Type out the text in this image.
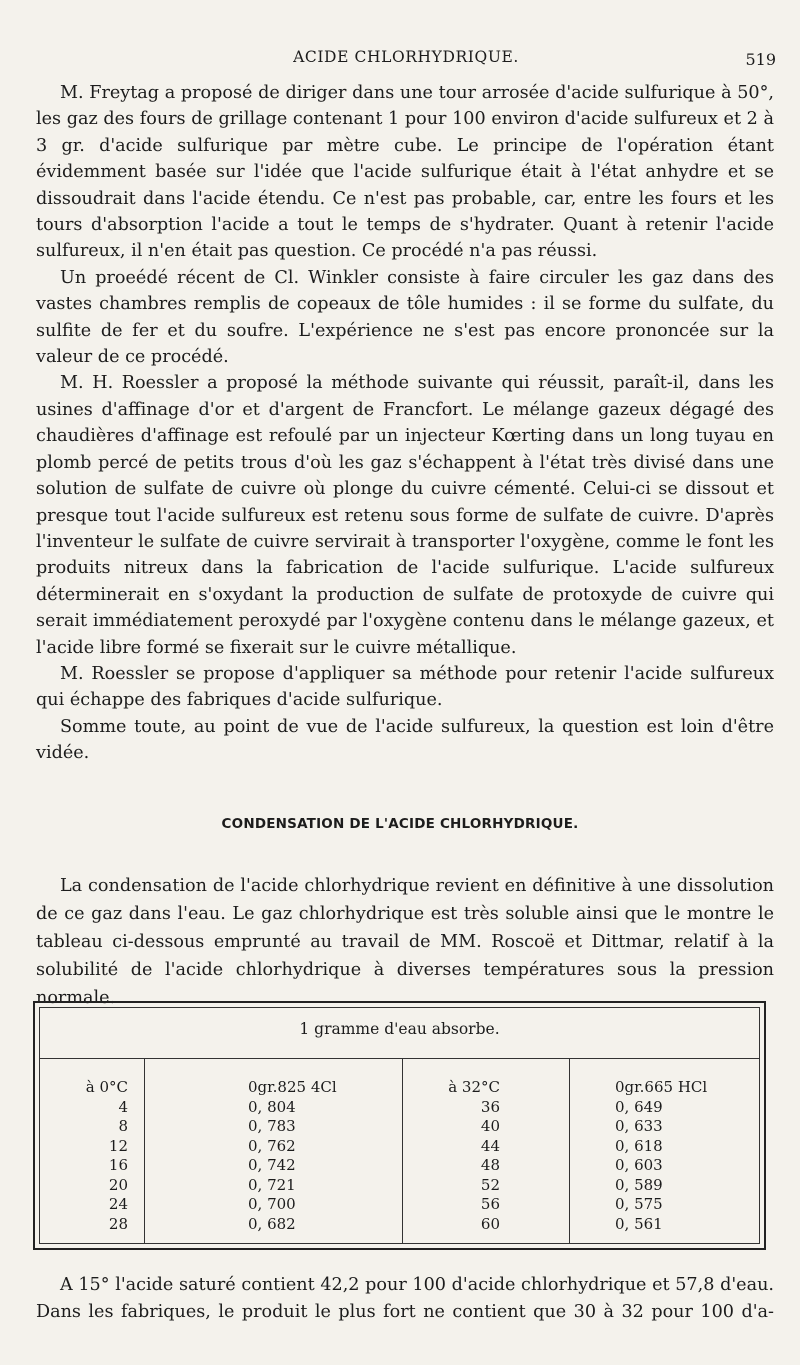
ACIDE CHLORHYDRIQUE.	519

M. Freytag a proposé de diriger dans une tour arrosée d'acide sulfurique à 50°, les gaz des fours de grillage contenant 1 pour 100 environ d'acide sulfureux et 2 à 3 gr. d'acide sulfurique par mètre cube. Le principe de l'opération étant évidemment basée sur l'idée que l'acide sulfurique était à l'état anhydre et se dissoudrait dans l'acide étendu. Ce n'est pas probable, car, entre les fours et les tours d'absorption l'acide a tout le temps de s'hydrater. Quant à retenir l'acide sulfureux, il n'en était pas question. Ce procédé n'a pas réussi.

Un proeédé récent de Cl. Winkler consiste à faire circuler les gaz dans des vastes chambres remplis de copeaux de tôle humides : il se forme du sulfate, du sulfite de fer et du soufre. L'expérience ne s'est pas encore prononcée sur la valeur de ce procédé.

M. H. Roessler a proposé la méthode suivante qui réussit, paraît-il, dans les usines d'affinage d'or et d'argent de Francfort. Le mélange gazeux dégagé des chaudières d'affinage est refoulé par un injecteur Kœrting dans un long tuyau en plomb percé de petits trous d'où les gaz s'échappent à l'état très divisé dans une solution de sulfate de cuivre où plonge du cuivre cémenté. Celui-ci se dissout et presque tout l'acide sulfureux est retenu sous forme de sulfate de cuivre. D'après l'inventeur le sulfate de cuivre servirait à transporter l'oxygène, comme le font les produits nitreux dans la fabrication de l'acide sulfurique. L'acide sulfureux déterminerait en s'oxydant la production de sulfate de protoxyde de cuivre qui serait immédiatement peroxydé par l'oxygène contenu dans le mélange gazeux, et l'acide libre formé se fixerait sur le cuivre métallique.

M. Roessler se propose d'appliquer sa méthode pour retenir l'acide sulfureux qui échappe des fabriques d'acide sulfurique.

Somme toute, au point de vue de l'acide sulfureux, la question est loin d'être vidée.

CONDENSATION DE L'ACIDE CHLORHYDRIQUE.

La condensation de l'acide chlorhydrique revient en définitive à une dissolution de ce gaz dans l'eau. Le gaz chlorhydrique est très soluble ainsi que le montre le tableau ci-dessous emprunté au travail de MM. Roscoë et Dittmar, relatif à la solubilité de l'acide chlorhydrique à diverses températures sous la pression normale.

1 gramme d'eau absorbe.
à 0°C
4
8
12
16
20
24
28
0gr.825 4Cl
0, 804
0, 783
0, 762
0, 742
0, 721
0, 700
0, 682
à 32°C
36
40
44
48
52
56
60
0gr.665 HCl
0, 649
0, 633
0, 618
0, 603
0, 589
0, 575
0, 561

A 15° l'acide saturé contient 42,2 pour 100 d'acide chlorhydrique et 57,8 d'eau. Dans les fabriques, le produit le plus fort ne contient que 30 à 32 pour 100 d'a-
